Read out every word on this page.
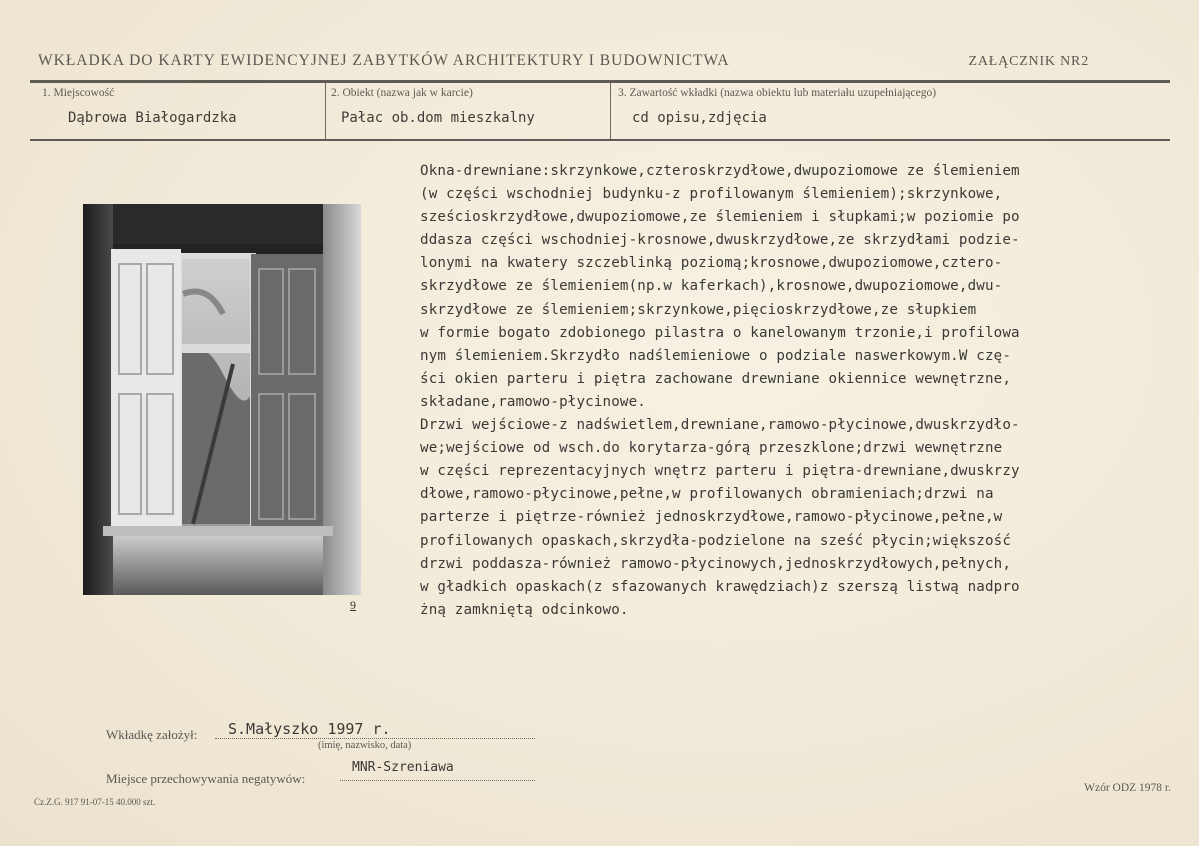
WKŁADKA DO KARTY EWIDENCYJNEJ ZABYTKÓW ARCHITEKTURY I BUDOWNICTWA	ZAŁĄCZNIK NR2
1. Miejscowość
Dąbrowa Białogardzka
2. Obiekt (nazwa jak w karcie)
Pałac ob.dom mieszkalny
3. Zawartość wkładki (nazwa obiektu lub materiału uzupełniającego)
cd opisu,zdjęcia
9
Okna-drewniane:skrzynkowe,czteroskrzydłowe,dwupoziomowe ze ślemieniem
(w części wschodniej budynku-z profilowanym ślemieniem);skrzynkowe,
sześcioskrzydłowe,dwupoziomowe,ze ślemieniem i słupkami;w poziomie po
ddasza części wschodniej-krosnowe,dwuskrzydłowe,ze skrzydłami podzie-
lonymi na kwatery szczeblinką poziomą;krosnowe,dwupoziomowe,cztero-
skrzydłowe ze ślemieniem(np.w kaferkach),krosnowe,dwupoziomowe,dwu-
skrzydłowe ze ślemieniem;skrzynkowe,pięcioskrzydłowe,ze słupkiem
w formie bogato zdobionego pilastra o kanelowanym trzonie,i profilowa
nym ślemieniem.Skrzydło nadślemieniowe o podziale naswerkowym.W czę-
ści okien parteru i piętra zachowane drewniane okiennice wewnętrzne,
składane,ramowo-płycinowe.
Drzwi wejściowe-z nadświetlem,drewniane,ramowo-płycinowe,dwuskrzydło-
we;wejściowe od wsch.do korytarza-górą przeszklone;drzwi wewnętrzne
w części reprezentacyjnych wnętrz parteru i piętra-drewniane,dwuskrzy
dłowe,ramowo-płycinowe,pełne,w profilowanych obramieniach;drzwi na
parterze i piętrze-również jednoskrzydłowe,ramowo-płycinowe,pełne,w
profilowanych opaskach,skrzydła-podzielone na sześć płycin;większość
drzwi poddasza-również ramowo-płycinowych,jednoskrzydłowych,pełnych,
w gładkich opaskach(z sfazowanych krawędziach)z szerszą listwą nadpro
żną zamkniętą odcinkowo.
Wkładkę założył: S.Małyszko 1997 r.
(imię, nazwisko, data)
Miejsce przechowywania negatywów:
MNR-Szreniawa
Cz.Z.G. 917 91-07-15 40.000 szt.
Wzór ODZ 1978 r.
